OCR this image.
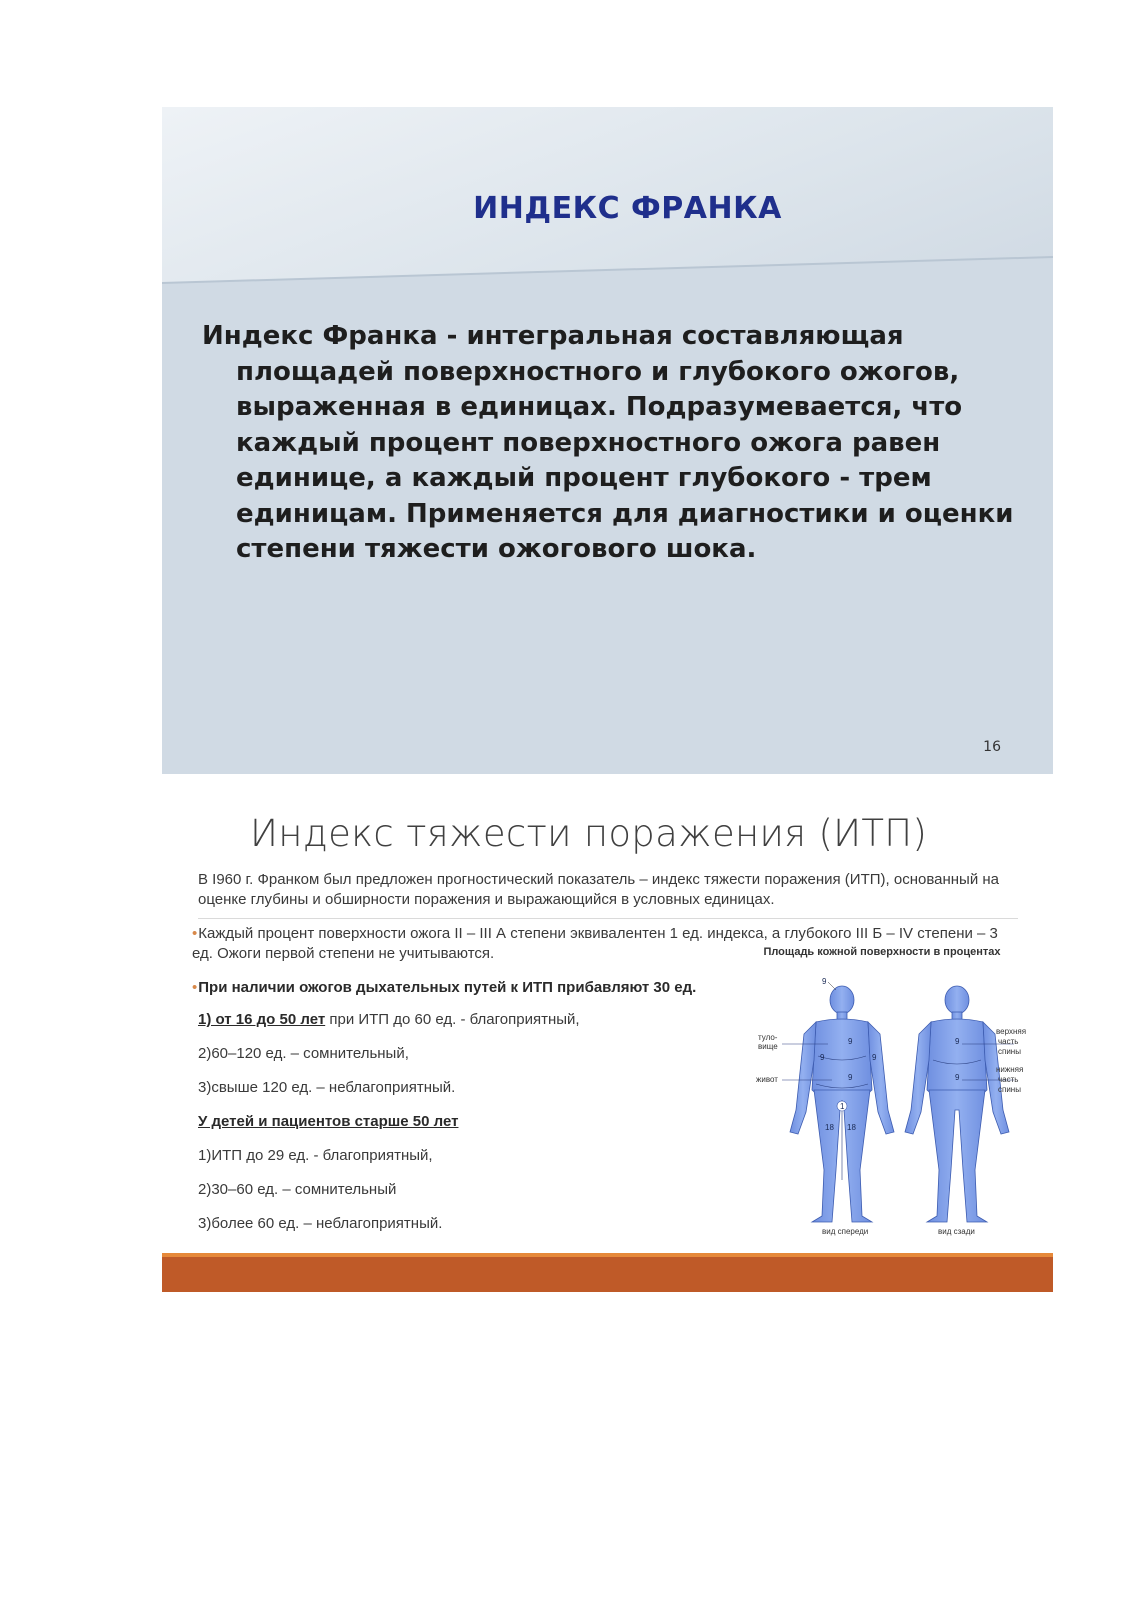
ИНДЕКС ФРАНКА

Индекс Франка - интегральная составляющая площадей поверхностного и глубокого ожогов, выраженная в единицах. Подразумевается, что каждый процент поверхностного ожога равен единице, а каждый процент глубокого - трем единицам. Применяется для диагностики и оценки степени тяжести ожогового шока.

16
Индекс тяжести поражения (ИТП)

В I960 г. Франком был предложен прогностический показатель – индекс тяжести поражения (ИТП), основанный на оценке глубины и обширности поражения и выражающийся в условных единицах.

•Каждый процент поверхности ожога II – III А степени эквивалентен 1 ед. индекса, а глубокого III Б – IV степени – 3 ед. Ожоги первой степени не учитываются.

•При наличии ожогов дыхательных путей к ИТП прибавляют 30 ед.

1) от 16 до 50 лет при ИТП до 60 ед. - благоприятный,
2)60–120 ед. – сомнительный,
3)свыше 120 ед. – неблагоприятный.
У детей и пациентов старше 50 лет
1)ИТП до 29 ед. - благоприятный,
2)30–60 ед. – сомнительный
3)более 60 ед. – неблагоприятный.
Площадь кожной поверхности в процентах
9
9
9	9
9
1
18 18
9
9
туло-
вище
живот
верхняя
часть
спины
нижняя
часть
спины
вид спереди	вид сзади
